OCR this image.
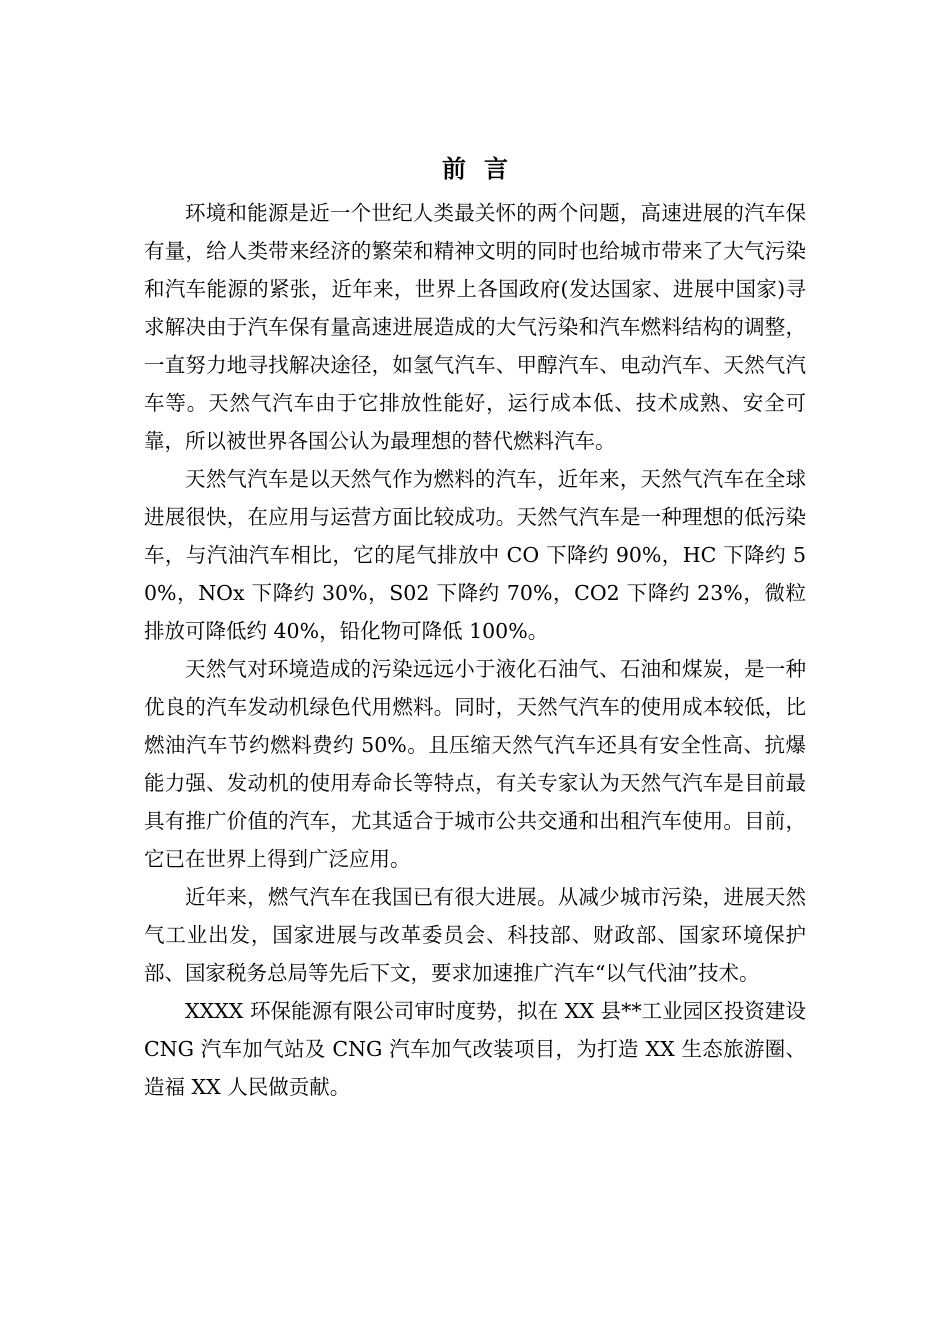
前言

环境和能源是近一个世纪人类最关怀的两个问题，高速进展的汽车保有量，给人类带来经济的繁荣和精神文明的同时也给城市带来了大气污染和汽车能源的紧张，近年来，世界上各国政府(发达国家、进展中国家)寻求解决由于汽车保有量高速进展造成的大气污染和汽车燃料结构的调整，一直努力地寻找解决途径，如氢气汽车、甲醇汽车、电动汽车、天然气汽车等。天然气汽车由于它排放性能好，运行成本低、技术成熟、安全可靠，所以被世界各国公认为最理想的替代燃料汽车。

天然气汽车是以天然气作为燃料的汽车，近年来，天然气汽车在全球进展很快，在应用与运营方面比较成功。天然气汽车是一种理想的低污染车，与汽油汽车相比，它的尾气排放中 CO 下降约 90%，HC 下降约 50%，NOx 下降约 30%，S02 下降约 70%，CO2 下降约 23%，微粒排放可降低约 40%，铅化物可降低 100%。

天然气对环境造成的污染远远小于液化石油气、石油和煤炭，是一种优良的汽车发动机绿色代用燃料。同时，天然气汽车的使用成本较低，比燃油汽车节约燃料费约 50%。且压缩天然气汽车还具有安全性高、抗爆能力强、发动机的使用寿命长等特点，有关专家认为天然气汽车是目前最具有推广价值的汽车，尤其适合于城市公共交通和出租汽车使用。目前，它已在世界上得到广泛应用。

近年来，燃气汽车在我国已有很大进展。从减少城市污染，进展天然气工业出发，国家进展与改革委员会、科技部、财政部、国家环境保护部、国家税务总局等先后下文，要求加速推广汽车“以气代油”技术。

XXXX 环保能源有限公司审时度势，拟在 XX 县**工业园区投资建设 CNG 汽车加气站及 CNG 汽车加气改装项目，为打造 XX 生态旅游圈、造福 XX 人民做贡献。
